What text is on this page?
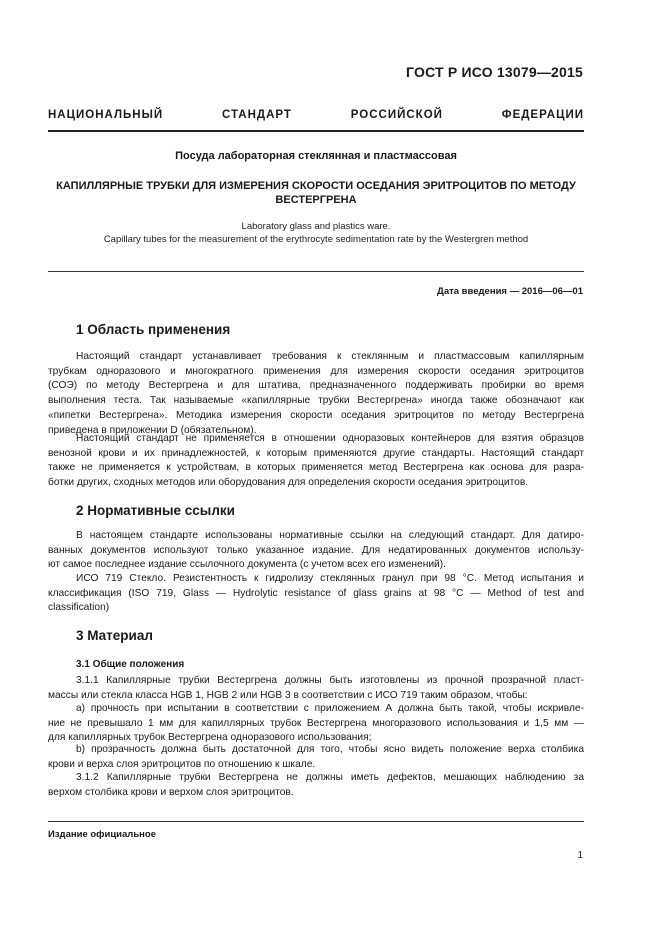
ГОСТ Р ИСО 13079—2015
НАЦИОНАЛЬНЫЙ СТАНДАРТ РОССИЙСКОЙ ФЕДЕРАЦИИ
Посуда лабораторная стеклянная и пластмассовая
КАПИЛЛЯРНЫЕ ТРУБКИ ДЛЯ ИЗМЕРЕНИЯ СКОРОСТИ ОСЕДАНИЯ ЭРИТРОЦИТОВ ПО МЕТОДУ
ВЕСТЕРГРЕНА
Laboratory glass and plastics ware.
Capillary tubes for the measurement of the erythrocyte sedimentation rate by the Westergren method
Дата введения — 2016—06—01
1 Область применения
Настоящий стандарт устанавливает требования к стеклянным и пластмассовым капиллярным
трубкам одноразового и многократного применения для измерения скорости оседания эритроцитов
(СОЭ) по методу Вестергрена и для штатива, предназначенного поддерживать пробирки во время
выполнения теста. Так называемые «капиллярные трубки Вестергрена» иногда также обозначают как
«пипетки Вестергрена». Методика измерения скорости оседания эритроцитов по методу Вестергрена
приведена в приложении D (обязательном).
Настоящий стандарт не применяется в отношении одноразовых контейнеров для взятия образцов
венозной крови и их принадлежностей, к которым применяются другие стандарты. Настоящий стандарт
также не применяется к устройствам, в которых применяется метод Вестергрена как основа для разра-
ботки других, сходных методов или оборудования для определения скорости оседания эритроцитов.
2 Нормативные ссылки
В настоящем стандарте использованы нормативные ссылки на следующий стандарт. Для датиро-
ванных документов используют только указанное издание. Для недатированных документов использу-
ют самое последнее издание ссылочного документа (с учетом всех его изменений).
ИСО 719 Стекло. Резистентность к гидролизу стеклянных гранул при 98 °С. Метод испытания и
классификация (ISO 719, Glass — Hydrolytic resistance of glass grains at 98 °C — Method of test and
classification)
3 Материал
3.1 Общие положения
3.1.1 Капиллярные трубки Вестергрена должны быть изготовлены из прочной прозрачной пласт-
массы или стекла класса HGB 1, HGB 2 или HGB 3 в соответствии с ИСО 719 таким образом, чтобы:
a) прочность при испытании в соответствии с приложением А должна быть такой, чтобы искривле-
ние не превышало 1 мм для капиллярных трубок Вестергрена многоразового использования и 1,5 мм —
для капиллярных трубок Вестергрена одноразового использования;
b) прозрачность должна быть достаточной для того, чтобы ясно видеть положение верха столбика
крови и верха слоя эритроцитов по отношению к шкале.
3.1.2 Капиллярные трубки Вестергрена не должны иметь дефектов, мешающих наблюдению за
верхом столбика крови и верхом слоя эритроцитов.
Издание официальное
1
